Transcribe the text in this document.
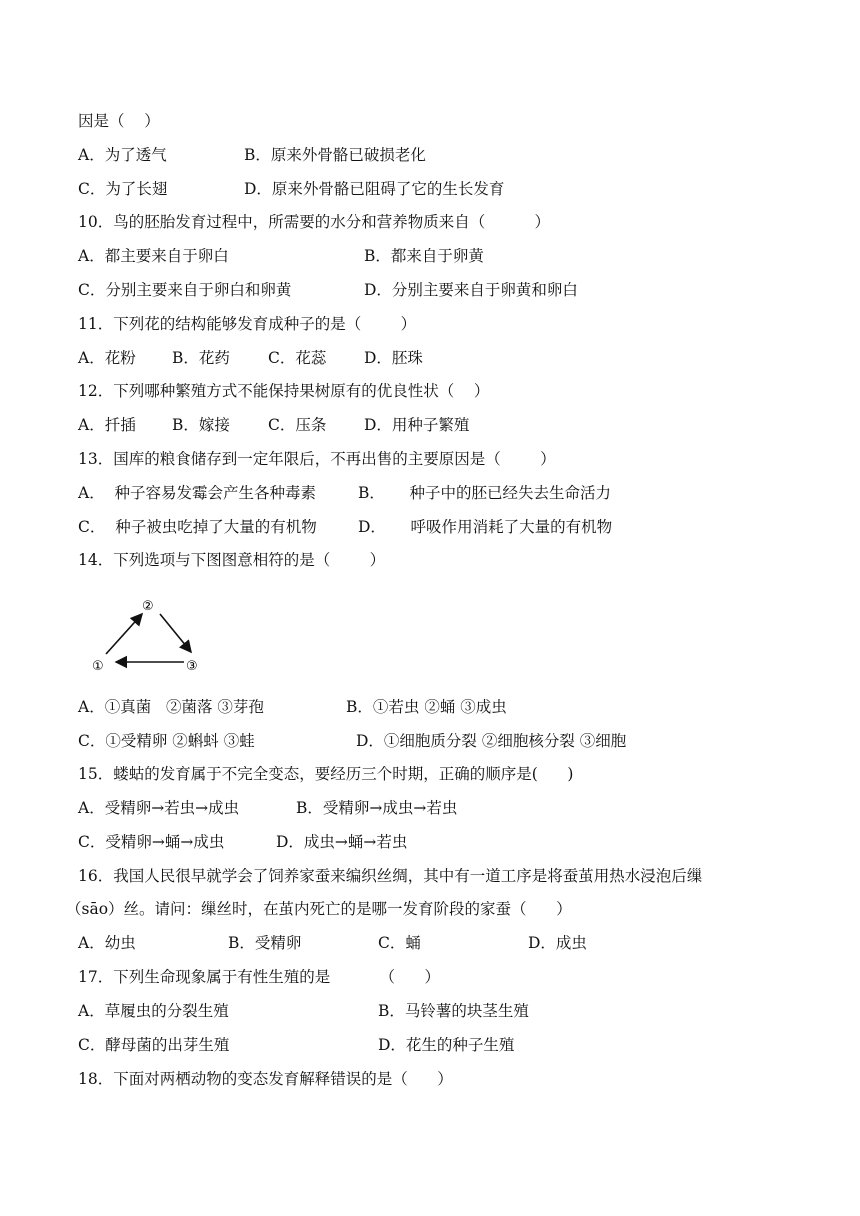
因是（    ）
A．为了透气	B．原来外骨骼已破损老化
C．为了长翅	D．原来外骨骼已阻碍了它的生长发育
10．鸟的胚胎发育过程中，所需要的水分和营养物质来自（          ）
A．都主要来自于卵白	B．都来自于卵黄
C．分别主要来自于卵白和卵黄	D．分别主要来自于卵黄和卵白
11．下列花的结构能够发育成种子的是（        ）
A．花粉 B．花药 C．花蕊 D．胚珠
12．下列哪种繁殖方式不能保持果树原有的优良性状（    ）
A．扦插 B．嫁接 C．压条 D．用种子繁殖
13．国库的粮食储存到一定年限后，不再出售的主要原因是（        ）
A．  种子容易发霉会产生各种毒素	B．     种子中的胚已经失去生命活力
C．  种子被虫吃掉了大量的有机物	D．     呼吸作用消耗了大量的有机物
14．下列选项与下图图意相符的是（        ）
①
②
③
A．①真菌   ②菌落 ③芽孢	B．①若虫 ②蛹 ③成虫
C．①受精卵 ②蝌蚪 ③蛙	D．①细胞质分裂 ②细胞核分裂 ③细胞
15．蝼蛄的发育属于不完全变态，要经历三个时期，正确的顺序是(      )
A．受精卵→若虫→成虫	B．受精卵→成虫→若虫
C．受精卵→蛹→成虫	D．成虫→蛹→若虫
16．我国人民很早就学会了饲养家蚕来编织丝绸，其中有一道工序是将蚕茧用热水浸泡后缫
（sāo）丝。请问：缫丝时，在茧内死亡的是哪一发育阶段的家蚕（      ）
A．幼虫	B．受精卵	C．蛹	D．成虫
17．下列生命现象属于有性生殖的是          （      ）
A．草履虫的分裂生殖	B．马铃薯的块茎生殖
C．酵母菌的出芽生殖	D．花生的种子生殖
18．下面对两栖动物的变态发育解释错误的是（      ）
